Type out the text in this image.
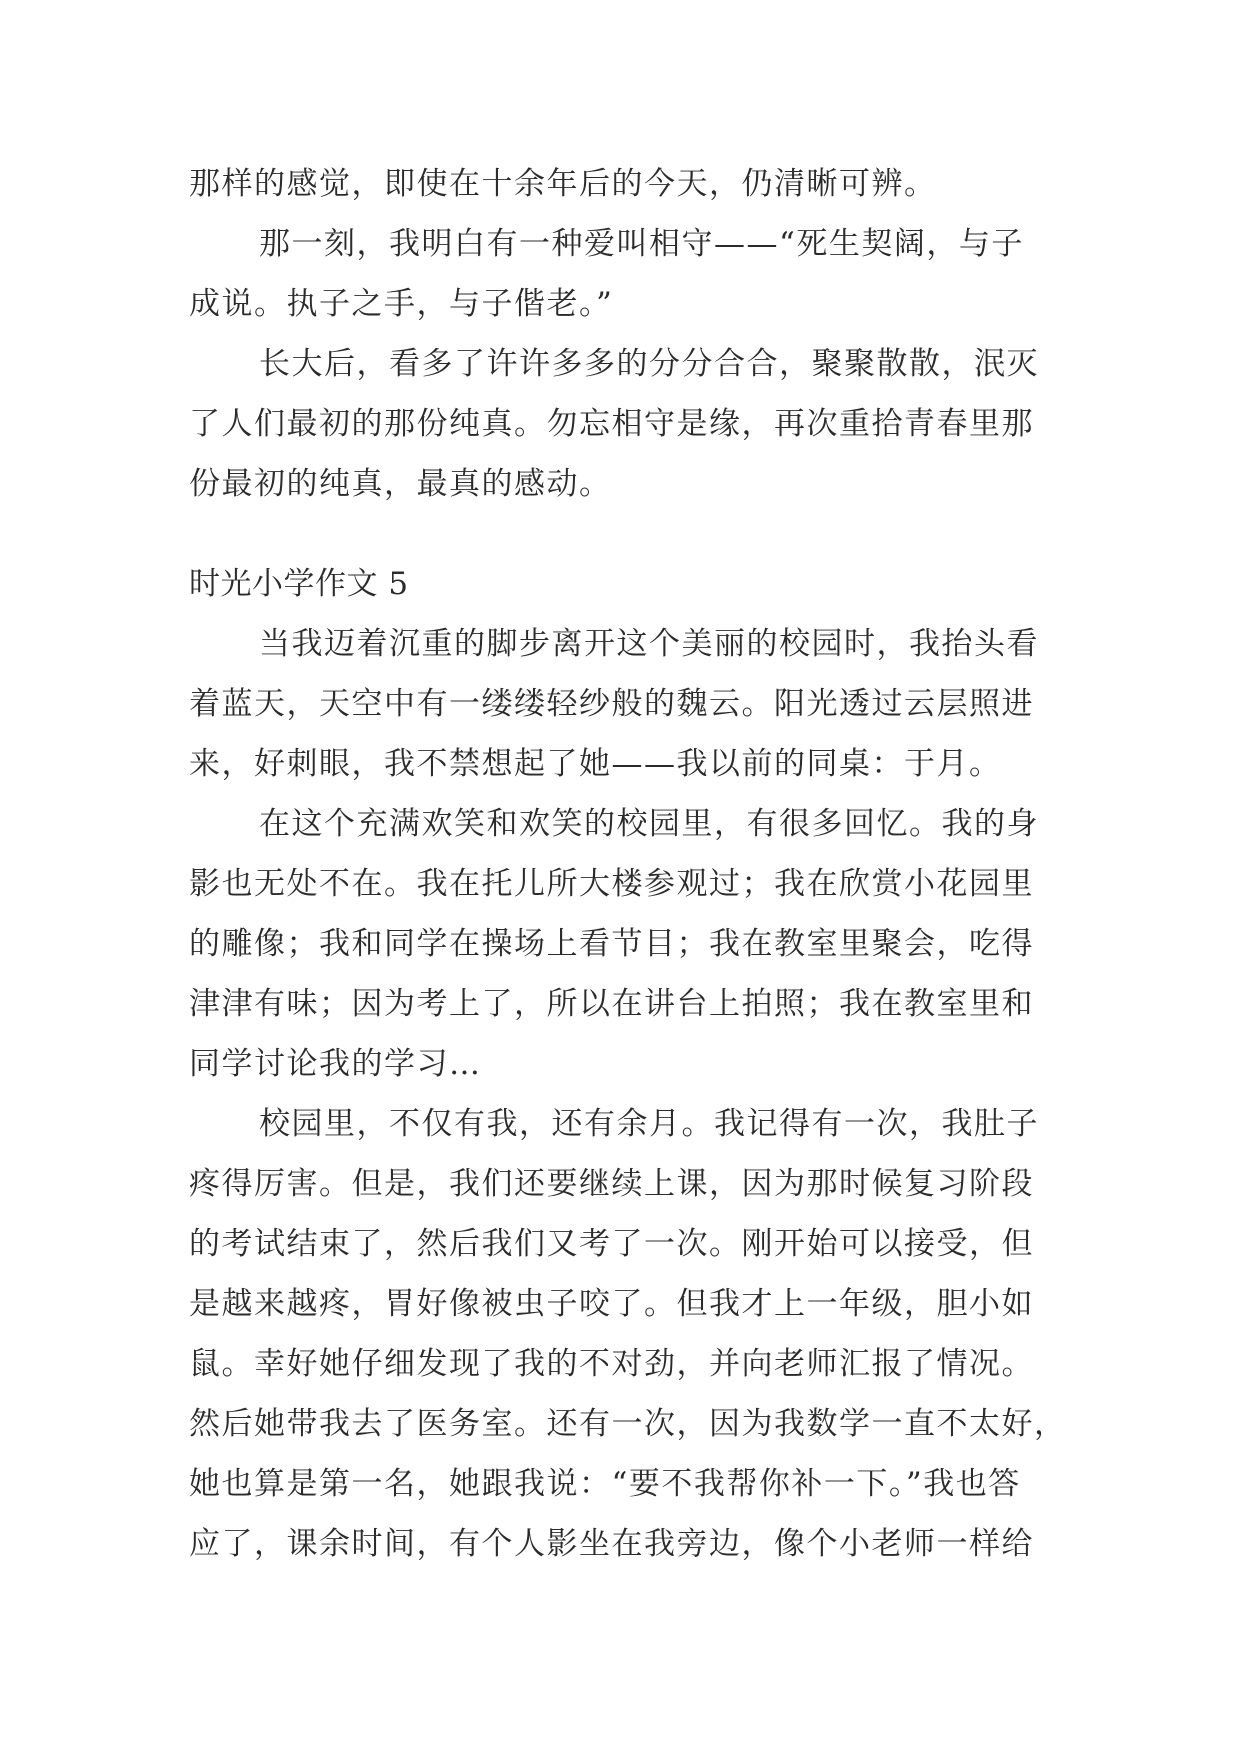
那样的感觉，即使在十余年后的今天，仍清晰可辨。
那一刻，我明白有一种爱叫相守——“死生契阔，与子
成说。执子之手，与子偕老。”
长大后，看多了许许多多的分分合合，聚聚散散，泯灭
了人们最初的那份纯真。勿忘相守是缘，再次重拾青春里那
份最初的纯真，最真的感动。
时光小学作文 5
当我迈着沉重的脚步离开这个美丽的校园时，我抬头看
着蓝天，天空中有一缕缕轻纱般的魏云。阳光透过云层照进
来，好刺眼，我不禁想起了她——我以前的同桌：于月。
在这个充满欢笑和欢笑的校园里，有很多回忆。我的身
影也无处不在。我在托儿所大楼参观过；我在欣赏小花园里
的雕像；我和同学在操场上看节目；我在教室里聚会，吃得
津津有味；因为考上了，所以在讲台上拍照；我在教室里和
同学讨论我的学习…
校园里，不仅有我，还有余月。我记得有一次，我肚子
疼得厉害。但是，我们还要继续上课，因为那时候复习阶段
的考试结束了，然后我们又考了一次。刚开始可以接受，但
是越来越疼，胃好像被虫子咬了。但我才上一年级，胆小如
鼠。幸好她仔细发现了我的不对劲，并向老师汇报了情况。
然后她带我去了医务室。还有一次，因为我数学一直不太好，
她也算是第一名，她跟我说：“要不我帮你补一下。”我也答
应了，课余时间，有个人影坐在我旁边，像个小老师一样给
